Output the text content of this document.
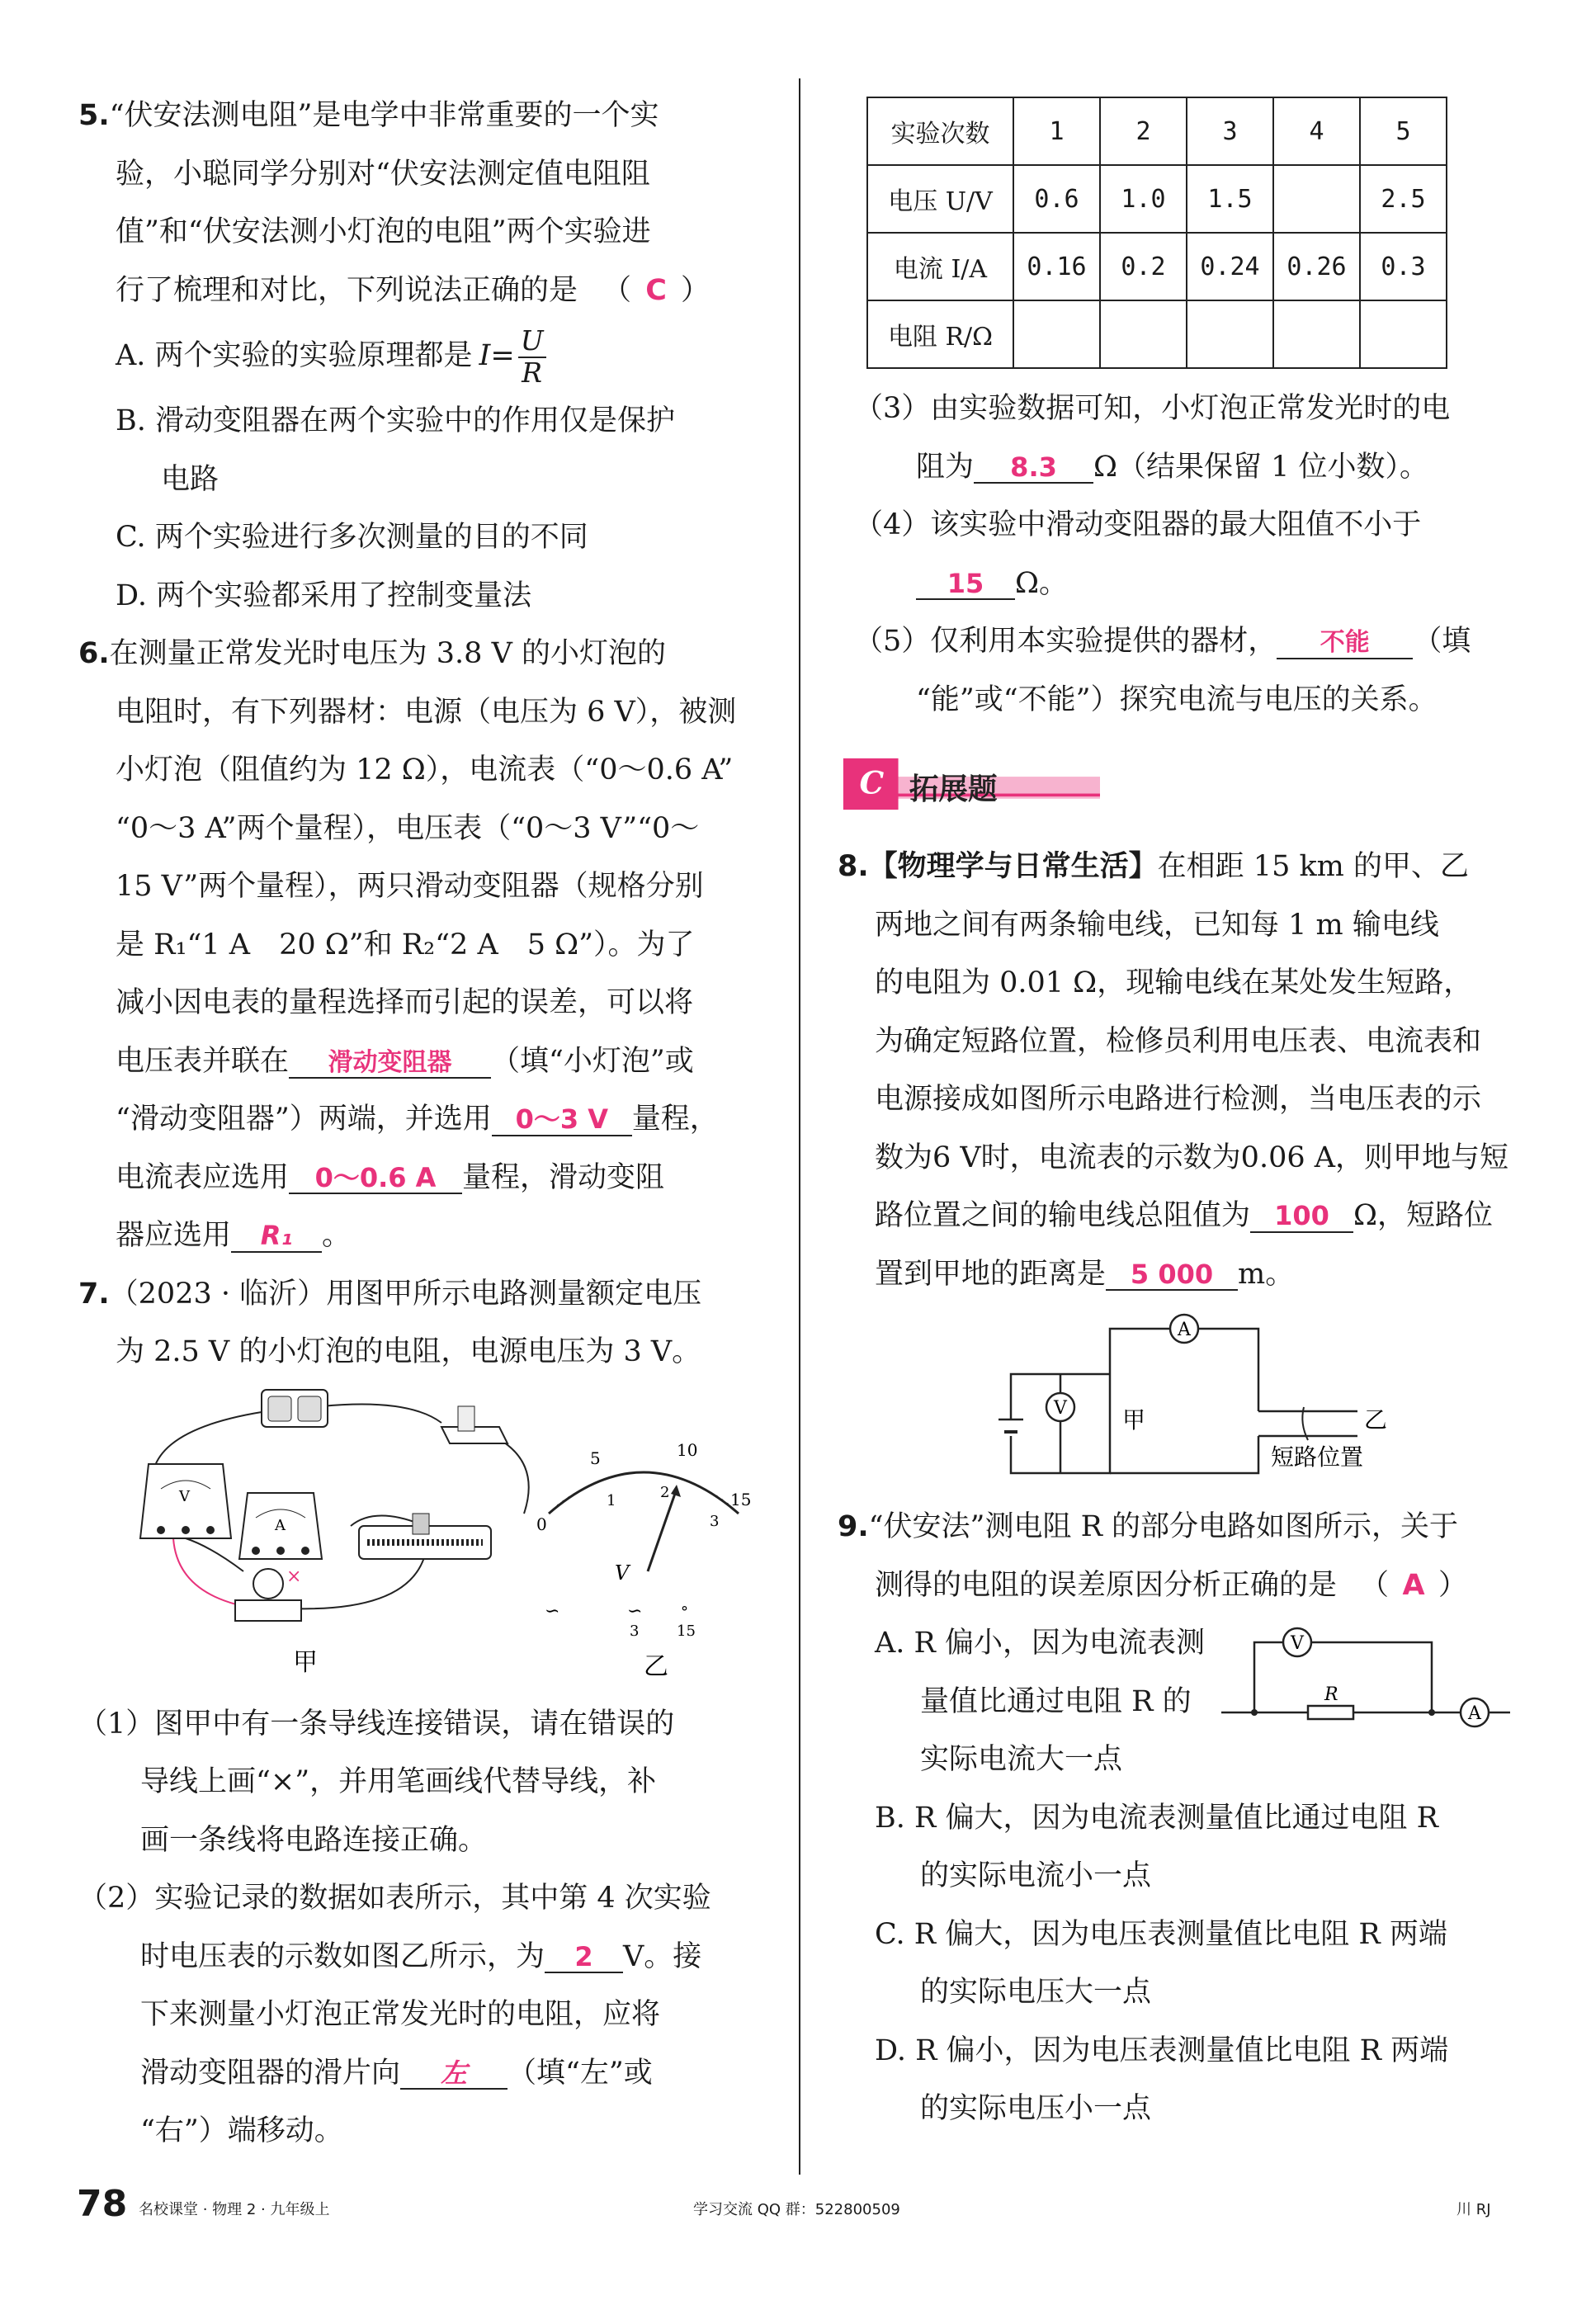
5.“伏安法测电阻”是电学中非常重要的一个实
验，小聪同学分别对“伏安法测定值电阻阻
值”和“伏安法测小灯泡的电阻”两个实验进
行了梳理和对比，下列说法正确的是 （ C ）
A. 两个实验的实验原理都是 $I= \frac{U}{R}$
B. 滑动变阻器在两个实验中的作用仅是保护
电路
C. 两个实验进行多次测量的目的不同
D. 两个实验都采用了控制变量法
6.在测量正常发光时电压为 3.8 V 的小灯泡的
电阻时，有下列器材：电源（电压为 6 V），被测
小灯泡（阻值约为 12 Ω），电流表（“0～0.6 A”
“0～3 A”两个量程），电压表（“0～3 V”“0～
15 V”两个量程），两只滑动变阻器（规格分别
是 R₁“1 A　20 Ω”和 R₂“2 A　5 Ω”）。为了
减小因电表的量程选择而引起的误差，可以将
电压表并联在 滑动变阻器 （填“小灯泡”或
“滑动变阻器”）两端，并选用 0～3 V 量程，
电流表应选用 0～0.6 A 量程，滑动变阻
器应选用 R₁ 。
7.（2023 · 临沂）用图甲所示电路测量额定电压
为 2.5 V 的小灯泡的电阻，电源电压为 3 V。
V
A
×
甲
0
5	10
15
1	2
3
V
∽	∽
3
°
15
乙
（1）图甲中有一条导线连接错误，请在错误的
导线上画“×”，并用笔画线代替导线，补
画一条线将电路连接正确。
（2）实验记录的数据如表所示，其中第 4 次实验
时电压表的示数如图乙所示，为 2 V。接
下来测量小灯泡正常发光时的电阻，应将
滑动变阻器的滑片向 左 （填“左”或
“右”）端移动。
实验次数	1	2	3	4	5
电压 U/V	0.6	1.0	1.5		2.5
电流 I/A	0.16	0.2	0.24	0.26	0.3
电阻 R/Ω					
（3）由实验数据可知，小灯泡正常发光时的电
阻为 8.3 Ω（结果保留 1 位小数）。
（4）该实验中滑动变阻器的最大阻值不小于
15 Ω。
（5）仅利用本实验提供的器材， 不能 （填
“能”或“不能”）探究电流与电压的关系。
C 拓展题
8.【物理学与日常生活】在相距 15 km 的甲、乙
两地之间有两条输电线，已知每 1 m 输电线
的电阻为 0.01 Ω，现输电线在某处发生短路，
为确定短路位置，检修员利用电压表、电流表和
电源接成如图所示电路进行检测，当电压表的示
数为6 V时，电流表的示数为0.06 A，则甲地与短
路位置之间的输电线总阻值为 100 Ω，短路位
置到甲地的距离是 5 000 m。
A
V 甲	乙
短路位置
9.“伏安法”测电阻 R 的部分电路如图所示，关于
测得的电阻的误差原因分析正确的是 （ A ）
A. R 偏小，因为电流表测
量值比通过电阻 R 的
实际电流大一点
B. R 偏大，因为电流表测量值比通过电阻 R
的实际电流小一点
C. R 偏大，因为电压表测量值比电阻 R 两端
的实际电压大一点
D. R 偏小，因为电压表测量值比电阻 R 两端
的实际电压小一点
V
A
R
78 名校课堂 · 物理 2 · 九年级上	学习交流 QQ 群：522800509	川 RJ
